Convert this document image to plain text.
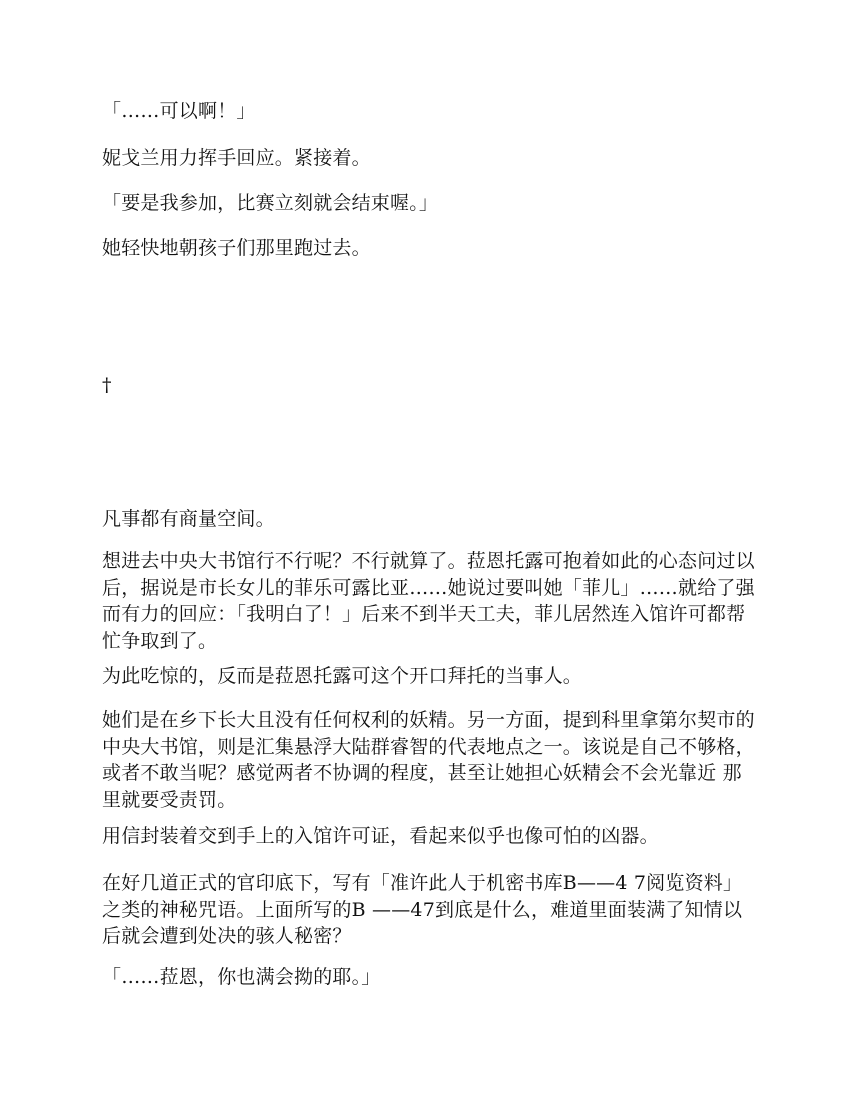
「……可以啊！」

妮戈兰用力挥手回应。紧接着。

「要是我参加，比赛立刻就会结束喔。」

她轻快地朝孩子们那里跑过去。

†

凡事都有商量空间。

想进去中央大书馆行不行呢？不行就算了。菈恩托露可抱着如此的心态问过以后，据说是市长女儿的菲乐可露比亚……她说过要叫她「菲儿」……就给了强而有力的回应：「我明白了！」后来不到半天工夫，菲儿居然连入馆许可都帮忙争取到了。

为此吃惊的，反而是菈恩托露可这个开口拜托的当事人。

她们是在乡下长大且没有任何权利的妖精。另一方面，提到科里拿第尔契市的中央大书馆，则是汇集悬浮大陆群睿智的代表地点之一。该说是自己不够格，或者不敢当呢？感觉两者不协调的程度，甚至让她担心妖精会不会光靠近 那里就要受责罚。

用信封装着交到手上的入馆许可证，看起来似乎也像可怕的凶器。

在好几道正式的官印底下，写有「准许此人于机密书库B——4 7阅览资料」之类的神秘咒语。上面所写的B ——47到底是什么，难道里面装满了知情以后就会遭到处决的骇人秘密？

「……菈恩，你也满会拗的耶。」
